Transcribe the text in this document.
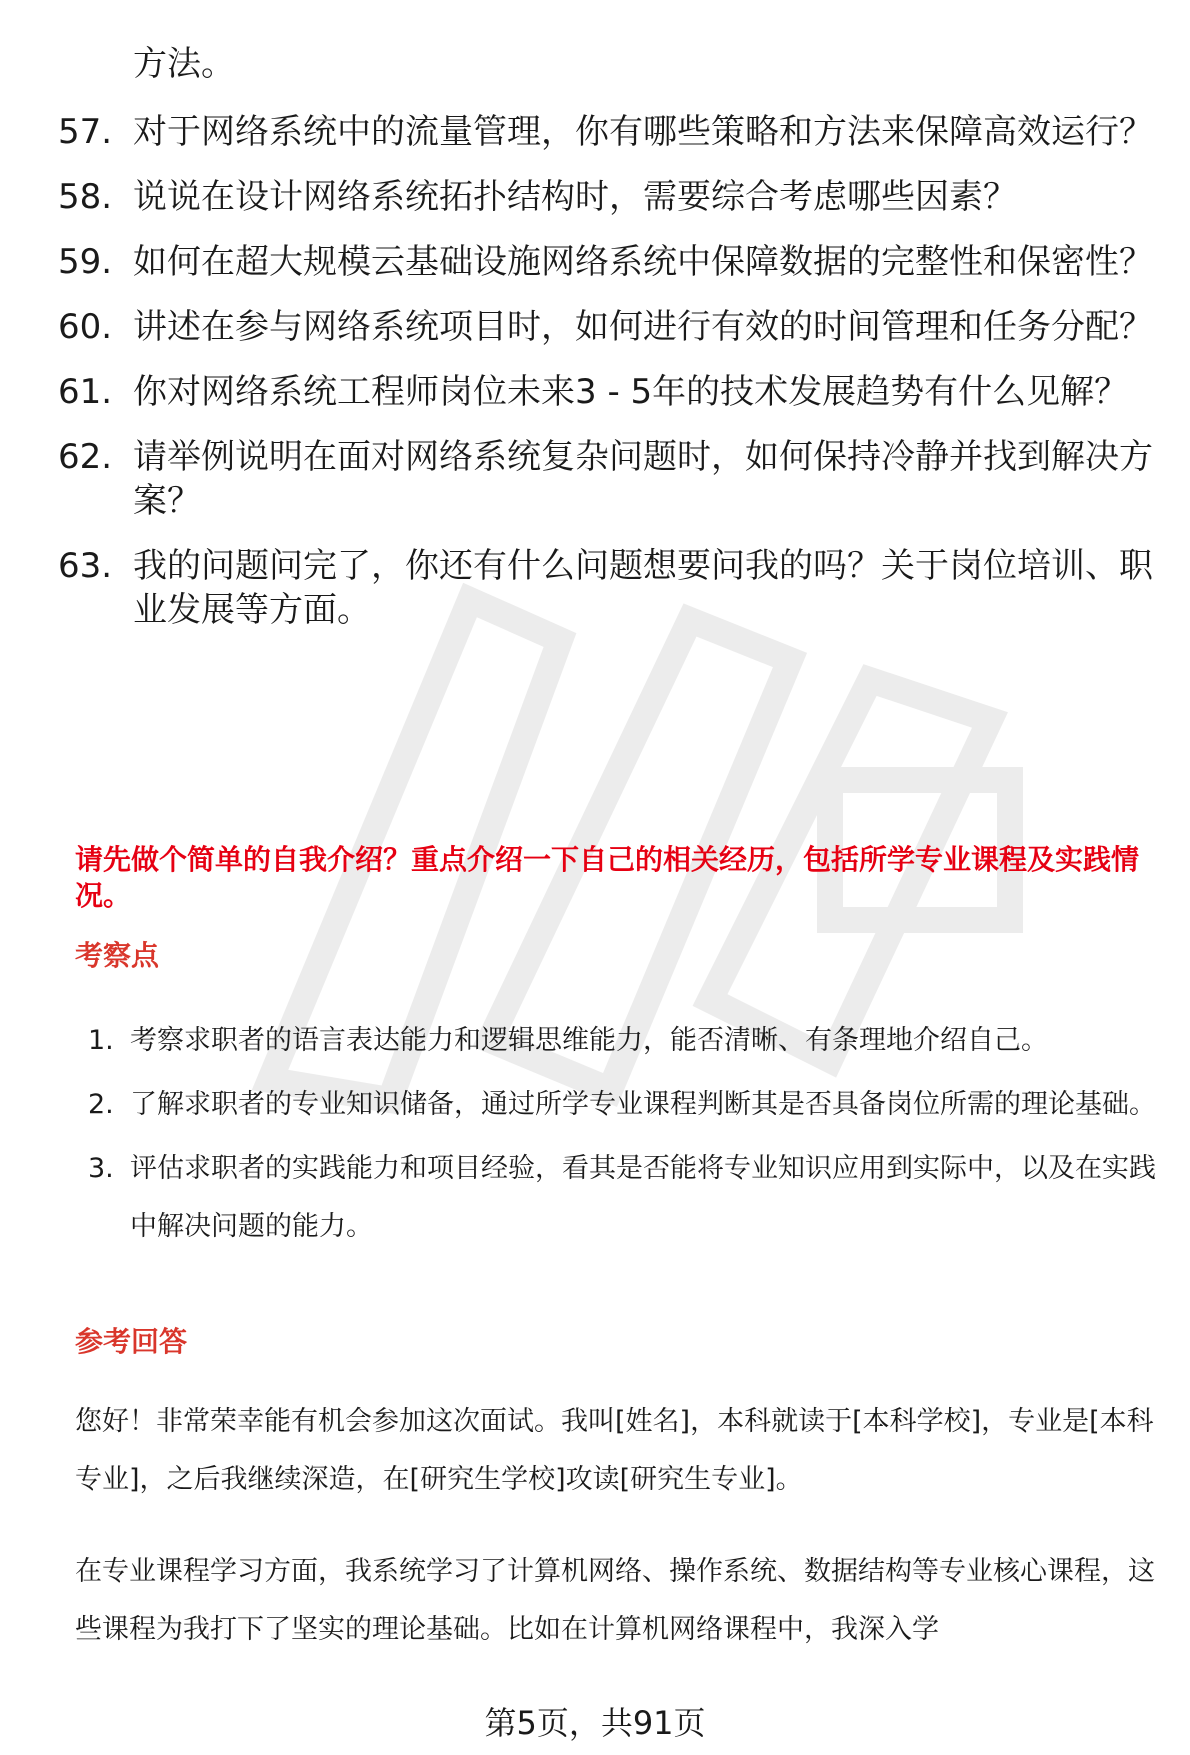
方法。
57. 对于网络系统中的流量管理，你有哪些策略和方法来保障高效运行？
58. 说说在设计网络系统拓扑结构时，需要综合考虑哪些因素？
59. 如何在超大规模云基础设施网络系统中保障数据的完整性和保密性？
60. 讲述在参与网络系统项目时，如何进行有效的时间管理和任务分配？
61. 你对网络系统工程师岗位未来3 - 5年的技术发展趋势有什么见解？
62. 请举例说明在面对网络系统复杂问题时，如何保持冷静并找到解决方案？
63. 我的问题问完了，你还有什么问题想要问我的吗？关于岗位培训、职业发展等方面。
请先做个简单的自我介绍？重点介绍一下自己的相关经历，包括所学专业课程及实践情况。
考察点
1. 考察求职者的语言表达能力和逻辑思维能力，能否清晰、有条理地介绍自己。
2. 了解求职者的专业知识储备，通过所学专业课程判断其是否具备岗位所需的理论基础。
3. 评估求职者的实践能力和项目经验，看其是否能将专业知识应用到实际中，以及在实践中解决问题的能力。
参考回答

您好！非常荣幸能有机会参加这次面试。我叫[姓名]，本科就读于[本科学校]，专业是[本科专业]，之后我继续深造，在[研究生学校]攻读[研究生专业]。

在专业课程学习方面，我系统学习了计算机网络、操作系统、数据结构等专业核心课程，这些课程为我打下了坚实的理论基础。比如在计算机网络课程中，我深入学

第5页，共91页
